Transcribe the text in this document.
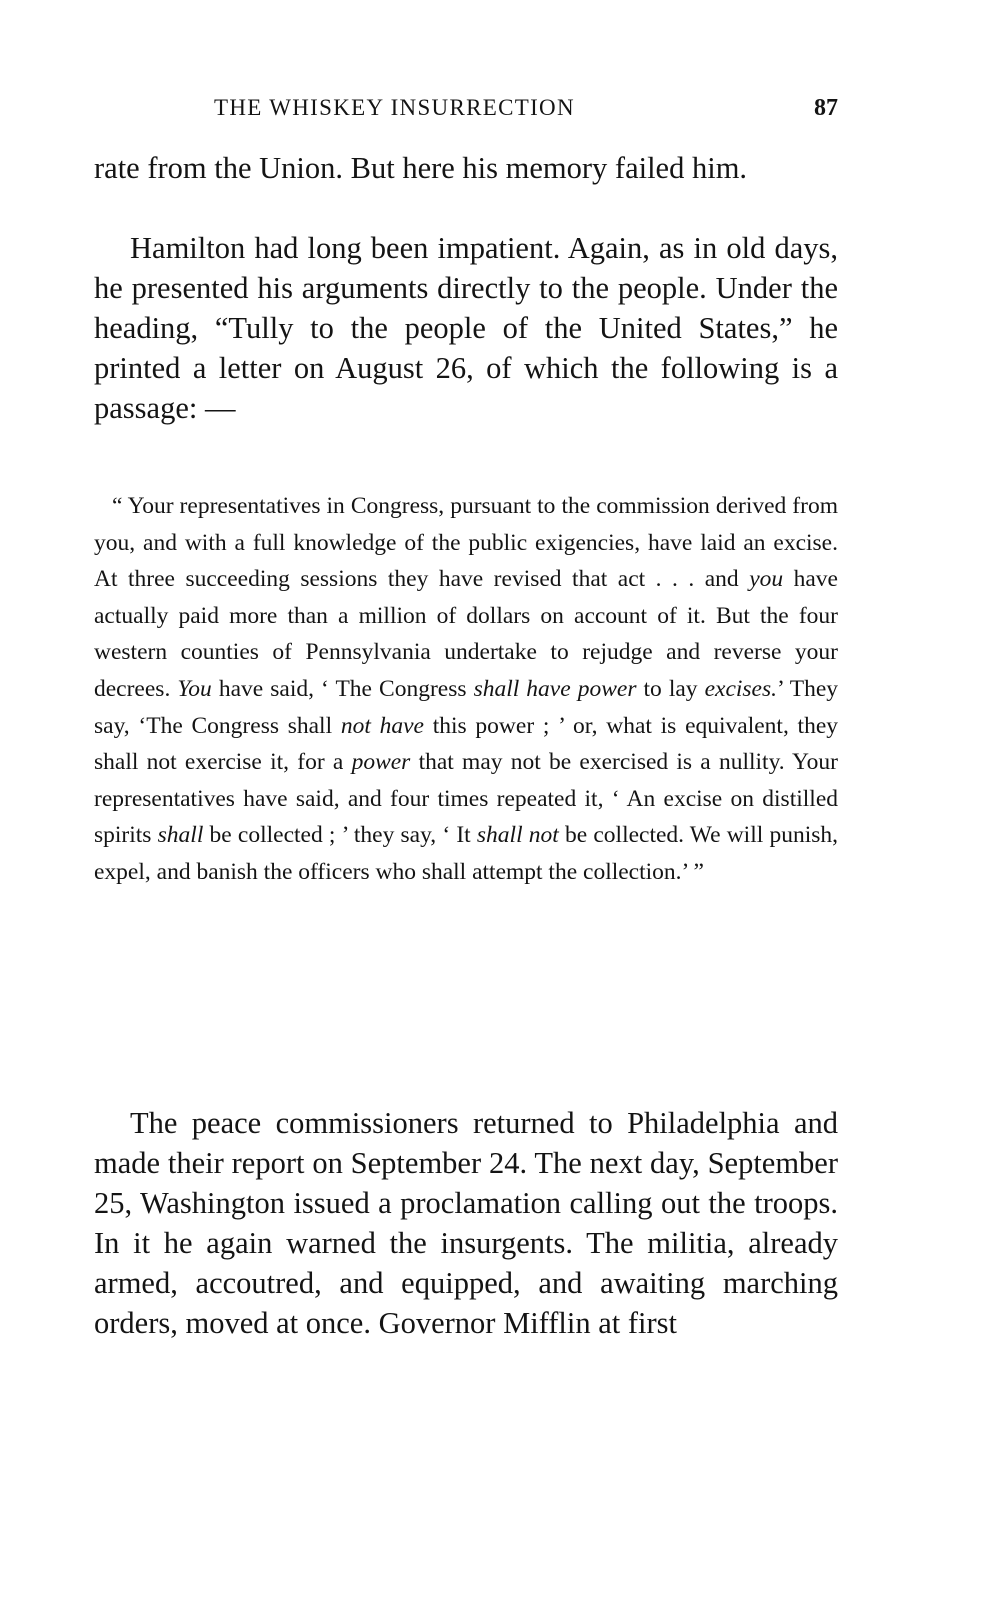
THE WHISKEY INSURRECTION	87

rate from the Union. But here his memory failed him.

Hamilton had long been impatient. Again, as in old days, he presented his arguments directly to the people. Under the heading, “Tully to the people of the United States,” he printed a letter on August 26, of which the following is a passage: —

“ Your representatives in Congress, pursuant to the commission derived from you, and with a full knowledge of the public exigencies, have laid an excise. At three succeeding sessions they have revised that act . . . and you have actually paid more than a million of dollars on account of it. But the four western counties of Pennsylvania undertake to rejudge and reverse your decrees. You have said, ‘ The Congress shall have power to lay excises.’ They say, ‘The Congress shall not have this power ; ’ or, what is equivalent, they shall not exercise it, for a power that may not be exercised is a nullity. Your representatives have said, and four times repeated it, ‘ An excise on distilled spirits shall be collected ; ’ they say, ‘ It shall not be collected. We will punish, expel, and banish the officers who shall attempt the collection.’ ”

The peace commissioners returned to Philadelphia and made their report on September 24. The next day, September 25, Washington issued a proclamation calling out the troops. In it he again warned the insurgents. The militia, already armed, accoutred, and equipped, and awaiting marching orders, moved at once. Governor Mifflin at first
